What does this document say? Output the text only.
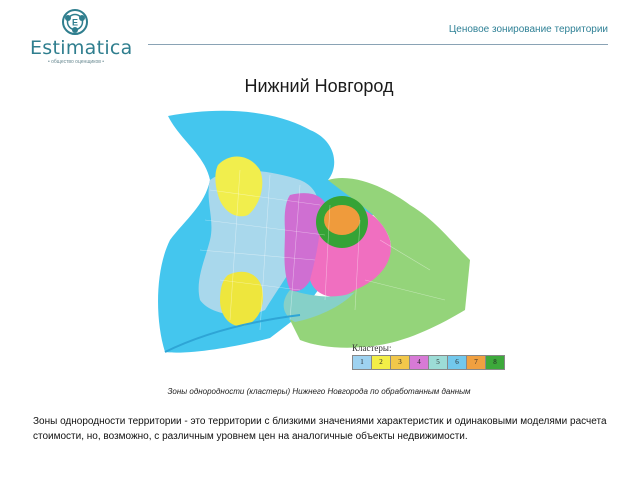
E
Estimatica
• общество оценщиков •
Ценовое зонирование территории
Нижний Новгород
Кластеры:
1	2	3	4	5	6	7	8
Зоны однородности (кластеры) Нижнего Новгорода по обработанным данным
Зоны однородности территории - это территории с близкими значениями характеристик и одинаковыми моделями расчета стоимости, но, возможно, с различным уровнем цен на аналогичные объекты недвижимости.
